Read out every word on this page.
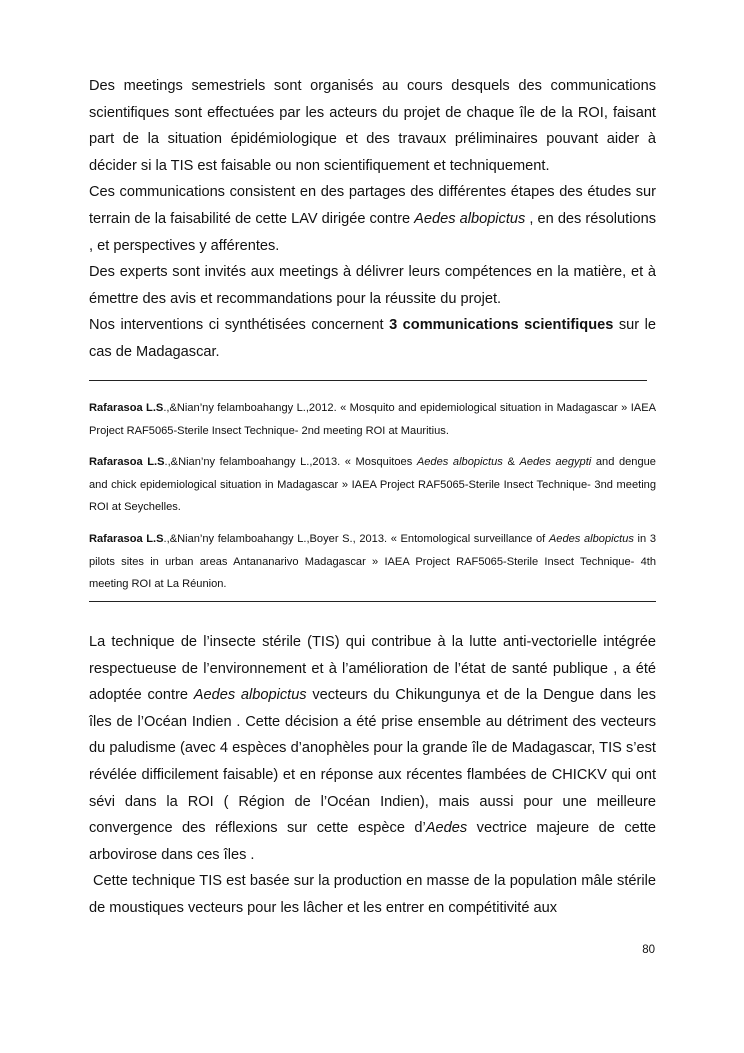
Des meetings semestriels sont organisés au cours desquels des communications scientifiques sont effectuées par les acteurs du projet de chaque île de la ROI, faisant part de la situation épidémiologique et des travaux préliminaires pouvant aider à décider si la TIS est faisable ou non scientifiquement et techniquement.

Ces communications consistent en des partages des différentes étapes des études sur terrain de la faisabilité de cette LAV dirigée contre Aedes albopictus , en des résolutions , et perspectives y afférentes.

Des experts sont invités aux meetings à délivrer leurs compétences en la matière, et à émettre des avis et recommandations pour la réussite du projet.

Nos interventions ci synthétisées concernent 3 communications scientifiques sur le cas de Madagascar.

Rafarasoa L.S.,&Nian’ny felamboahangy L.,2012. « Mosquito and epidemiological situation in Madagascar » IAEA Project RAF5065-Sterile Insect Technique- 2nd meeting ROI at Mauritius.

Rafarasoa L.S.,&Nian’ny felamboahangy L.,2013. « Mosquitoes Aedes albopictus & Aedes aegypti and dengue and chick epidemiological situation in Madagascar » IAEA Project RAF5065-Sterile Insect Technique- 3nd meeting ROI at Seychelles.

Rafarasoa L.S.,&Nian’ny felamboahangy L.,Boyer S., 2013. « Entomological surveillance of Aedes albopictus in 3 pilots sites in urban areas Antananarivo Madagascar » IAEA Project RAF5065-Sterile Insect Technique- 4th meeting ROI at La Réunion.

La technique de l’insecte stérile (TIS) qui contribue à la lutte anti-vectorielle intégrée respectueuse de l’environnement et à l’amélioration de l’état de santé publique , a été adoptée contre Aedes albopictus vecteurs du Chikungunya et de la Dengue dans les îles de l’Océan Indien . Cette décision a été prise ensemble au détriment des vecteurs du paludisme (avec 4 espèces d’anophèles pour la grande île de Madagascar, TIS s’est révélée difficilement faisable) et en réponse aux récentes flambées de CHICKV qui ont sévi dans la ROI ( Région de l’Océan Indien), mais aussi pour une meilleure convergence des réflexions sur cette espèce d’Aedes vectrice majeure de cette arbovirose dans ces îles .

Cette technique TIS est basée sur la production en masse de la population mâle stérile de moustiques vecteurs pour les lâcher et les entrer en compétitivité aux

80
